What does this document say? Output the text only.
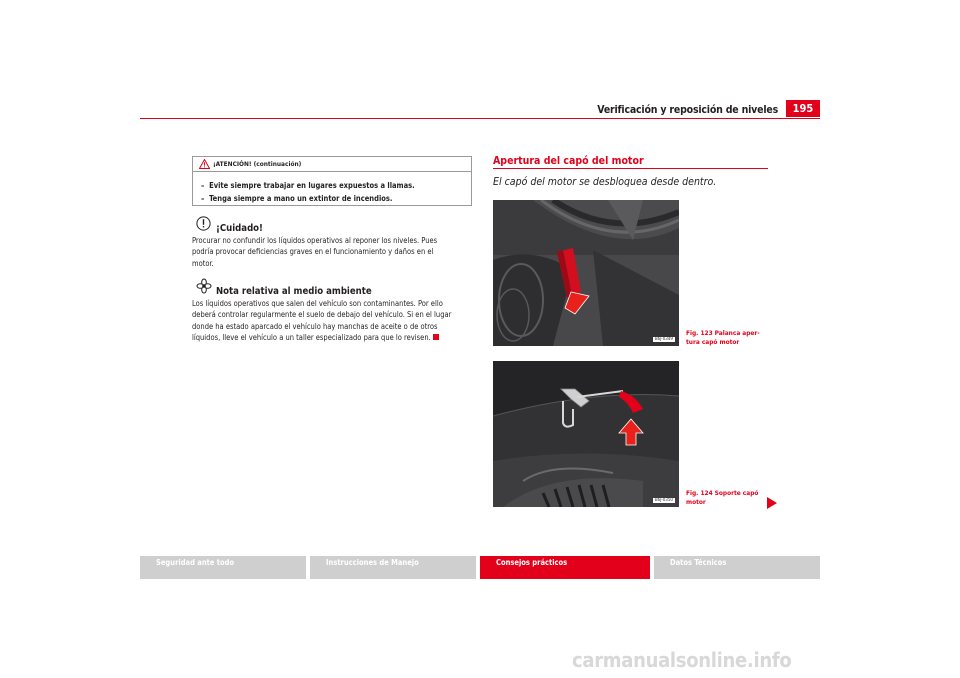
Verificación y reposición de niveles	195
¡ATENCIÓN! (continuación)
– Evite siempre trabajar en lugares expuestos a llamas.
– Tenga siempre a mano un extintor de incendios.
¡Cuidado!
Procurar no confundir los líquidos operativos al reponer los niveles. Pues
podría provocar deficiencias graves en el funcionamiento y daños en el
motor.
Nota relativa al medio ambiente
Los líquidos operativos que salen del vehículo son contaminantes. Por ello
deberá controlar regularmente el suelo de debajo del vehículo. Si en el lugar
donde ha estado aparcado el vehículo hay manchas de aceite o de otros
líquidos, lleve el vehículo a un taller especializado para que lo revisen.
Apertura del capó del motor
El capó del motor se desbloquea desde dentro.
B6J-0349
Fig. 123 Palanca aper-
tura capó motor
B6J-0350
Fig. 124 Soporte capó
motor
Seguridad ante todo	Instrucciones de Manejo	Consejos prácticos	Datos Técnicos
carmanualsonline.info
